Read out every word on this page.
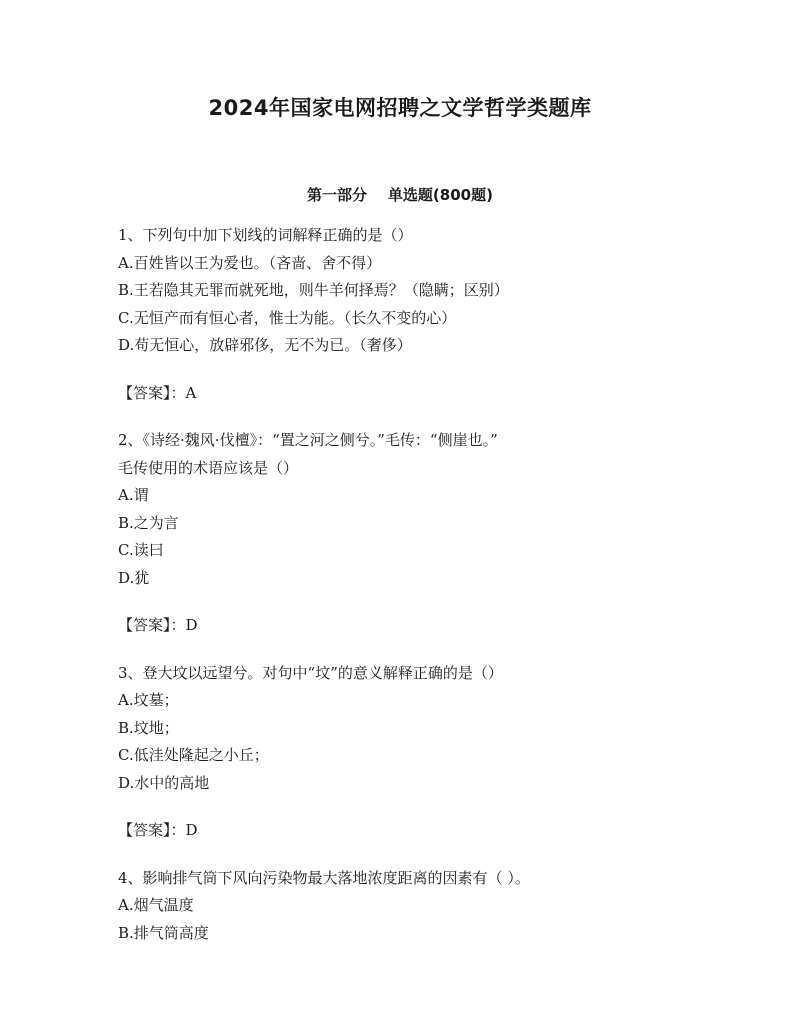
2024年国家电网招聘之文学哲学类题库
第一部分    单选题(800题)
1、下列句中加下划线的词解释正确的是（）
A.百姓皆以王为爱也。（吝啬、舍不得）
B.王若隐其无罪而就死地，则牛羊何择焉？（隐瞒；区别）
C.无恒产而有恒心者，惟士为能。（长久不变的心）
D.苟无恒心，放辟邪侈，无不为已。（奢侈）
【答案】：A
2、《诗经·魏风·伐檀》：“置之河之侧兮。”毛传：“侧崖也。”
毛传使用的术语应该是（）
A.谓
B.之为言
C.读曰
D.犹
【答案】：D
3、登大坟以远望兮。对句中“坟”的意义解释正确的是（）
A.坟墓；
B.坟地；
C.低洼处隆起之小丘；
D.水中的高地
【答案】：D
4、影响排气筒下风向污染物最大落地浓度距离的因素有（ ）。
A.烟气温度
B.排气筒高度
